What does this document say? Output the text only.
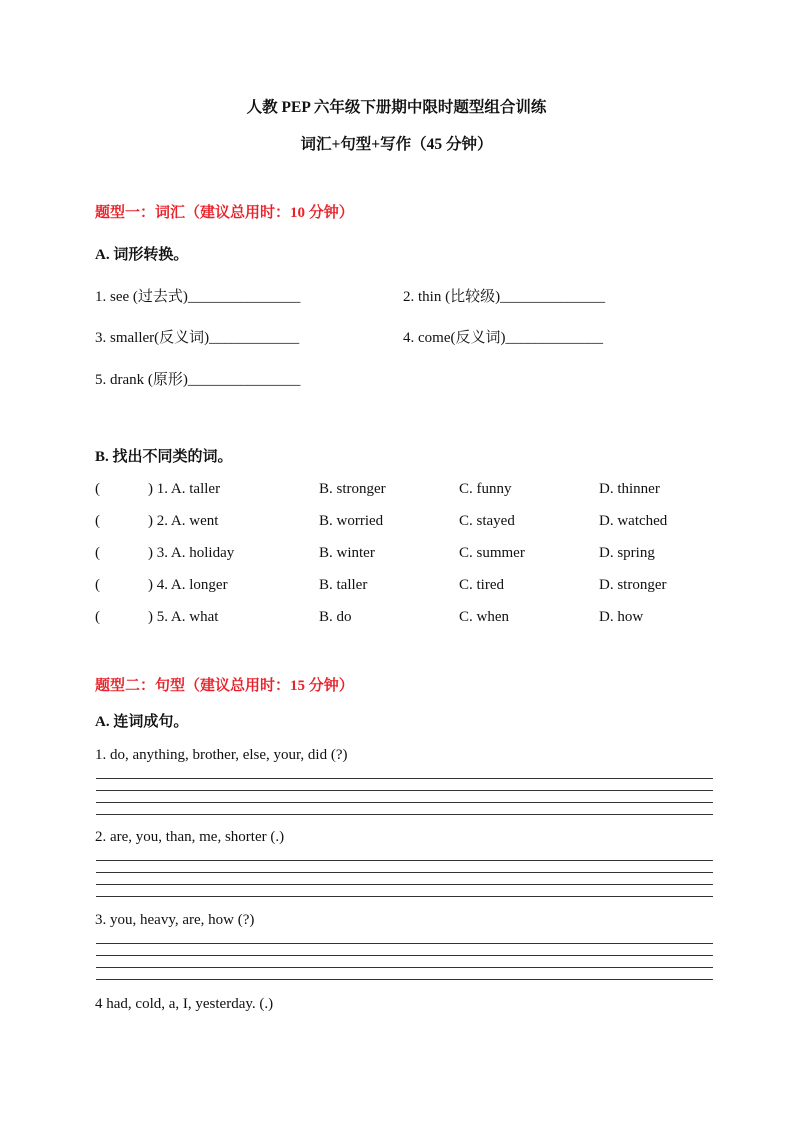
人教 PEP 六年级下册期中限时题型组合训练
词汇+句型+写作（45 分钟）
题型一：词汇（建议总用时：10 分钟）
A. 词形转换。
1. see (过去式)_______________	2. thin (比较级)______________
3. smaller(反义词)____________	4. come(反义词)_____________
5. drank (原形)_______________
B. 找出不同类的词。
(	) 1. A. taller	B. stronger	C. funny	D. thinner
(	) 2. A. went	B. worried	C. stayed	D. watched
(	) 3. A. holiday	B. winter	C. summer	D. spring
(	) 4. A. longer	B. taller	C. tired	D. stronger
(	) 5. A. what	B. do	C. when	D. how
题型二：句型（建议总用时：15 分钟）
A. 连词成句。
1. do, anything, brother, else, your, did (?)
2. are, you, than, me, shorter (.)
3. you, heavy, are, how (?)
4 had, cold, a, I, yesterday. (.)
